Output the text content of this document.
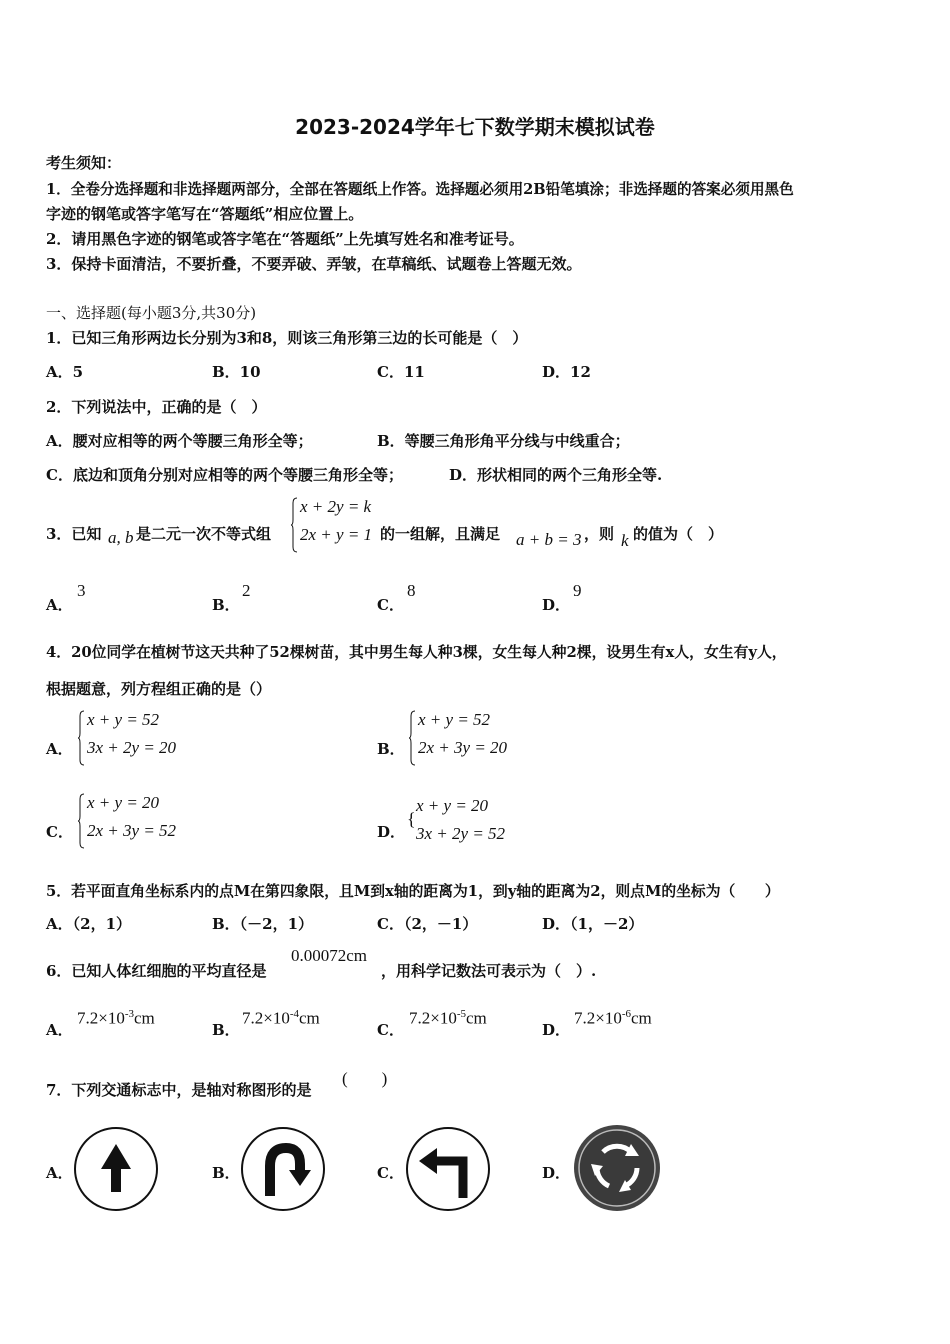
2023-2024学年七下数学期末模拟试卷
考生须知：
1．全卷分选择题和非选择题两部分，全部在答题纸上作答。选择题必须用2B铅笔填涂；非选择题的答案必须用黑色
字迹的钢笔或答字笔写在“答题纸”相应位置上。
2．请用黑色字迹的钢笔或答字笔在“答题纸”上先填写姓名和准考证号。
3．保持卡面清洁，不要折叠，不要弄破、弄皱，在草稿纸、试题卷上答题无效。
一、选择题(每小题3分,共30分)
1．已知三角形两边长分别为3和8，则该三角形第三边的长可能是（　）
A．5	B．10	C．11	D．12
2．下列说法中，正确的是（　）
A．腰对应相等的两个等腰三角形全等；	B．等腰三角形角平分线与中线重合；
C．底边和顶角分别对应相等的两个等腰三角形全等；	D．形状相同的两个三角形全等.
3．已知 a, b 是二元一次不等式组
x + 2y = k
2x + y = 1 的一组解，且满足 a + b = 3 ，则 k 的值为（　）
A．
3
B．
2
C．
8
D．
9
4．20位同学在植树节这天共种了52棵树苗，其中男生每人种3棵，女生每人种2棵，设男生有x人，女生有y人，
根据题意，列方程组正确的是（）
A．
x + y = 52
3x + 2y = 20	B．
x + y = 52
2x + 3y = 20
C．
x + y = 20
2x + 3y = 52	D．
{
x + y = 20
3x + 2y = 52
5．若平面直角坐标系内的点M在第四象限，且M到x轴的距离为1，到y轴的距离为2，则点M的坐标为（　　）
A．（2，1）	B．（－2，1）	C．（2，－1）	D．（1，－2）
6．已知人体红细胞的平均直径是
0.00072cm
，用科学记数法可表示为（　）.
A．
$7.2\times 10^{-3}cm$
B．
$7.2\times 10^{-4}cm$
C．
$7.2\times 10^{-5}cm$
D．
$7.2\times 10^{-6}cm$
7．下列交通标志中，是轴对称图形的是
(　　)
A．	B．	C．	D．
